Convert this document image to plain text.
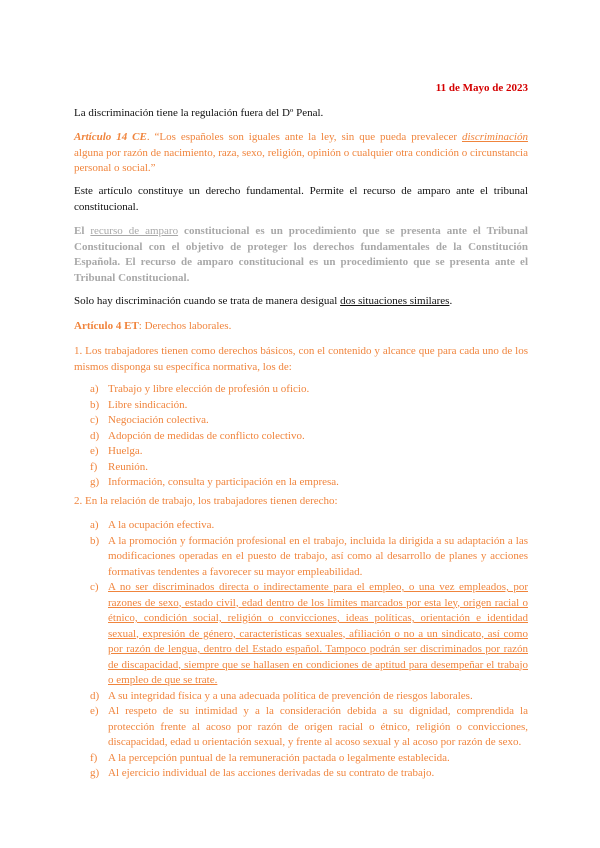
11 de Mayo de 2023

La discriminación tiene la regulación fuera del Dº Penal.

Artículo 14 CE. “Los españoles son iguales ante la ley, sin que pueda prevalecer discriminación alguna por razón de nacimiento, raza, sexo, religión, opinión o cualquier otra condición o circunstancia personal o social.”

Este artículo constituye un derecho fundamental. Permite el recurso de amparo ante el tribunal constitucional.

El recurso de amparo constitucional es un procedimiento que se presenta ante el Tribunal Constitucional con el objetivo de proteger los derechos fundamentales de la Constitución Española. El recurso de amparo constitucional es un procedimiento que se presenta ante el Tribunal Constitucional.

Solo hay discriminación cuando se trata de manera desigual dos situaciones similares.

Artículo 4 ET: Derechos laborales.

1. Los trabajadores tienen como derechos básicos, con el contenido y alcance que para cada uno de los mismos disponga su específica normativa, los de:

a) Trabajo y libre elección de profesión u oficio.
b) Libre sindicación.
c) Negociación colectiva.
d) Adopción de medidas de conflicto colectivo.
e) Huelga.
f) Reunión.
g) Información, consulta y participación en la empresa.

2. En la relación de trabajo, los trabajadores tienen derecho:

a) A la ocupación efectiva.
b) A la promoción y formación profesional en el trabajo, incluida la dirigida a su adaptación a las modificaciones operadas en el puesto de trabajo, así como al desarrollo de planes y acciones formativas tendentes a favorecer su mayor empleabilidad.
c) A no ser discriminados directa o indirectamente para el empleo, o una vez empleados, por razones de sexo, estado civil, edad dentro de los límites marcados por esta ley, origen racial o étnico, condición social, religión o convicciones, ideas políticas, orientación e identidad sexual, expresión de género, características sexuales, afiliación o no a un sindicato, así como por razón de lengua, dentro del Estado español. Tampoco podrán ser discriminados por razón de discapacidad, siempre que se hallasen en condiciones de aptitud para desempeñar el trabajo o empleo de que se trate.
d) A su integridad física y a una adecuada política de prevención de riesgos laborales.
e) Al respeto de su intimidad y a la consideración debida a su dignidad, comprendida la protección frente al acoso por razón de origen racial o étnico, religión o convicciones, discapacidad, edad u orientación sexual, y frente al acoso sexual y al acoso por razón de sexo.
f) A la percepción puntual de la remuneración pactada o legalmente establecida.
g) Al ejercicio individual de las acciones derivadas de su contrato de trabajo.
